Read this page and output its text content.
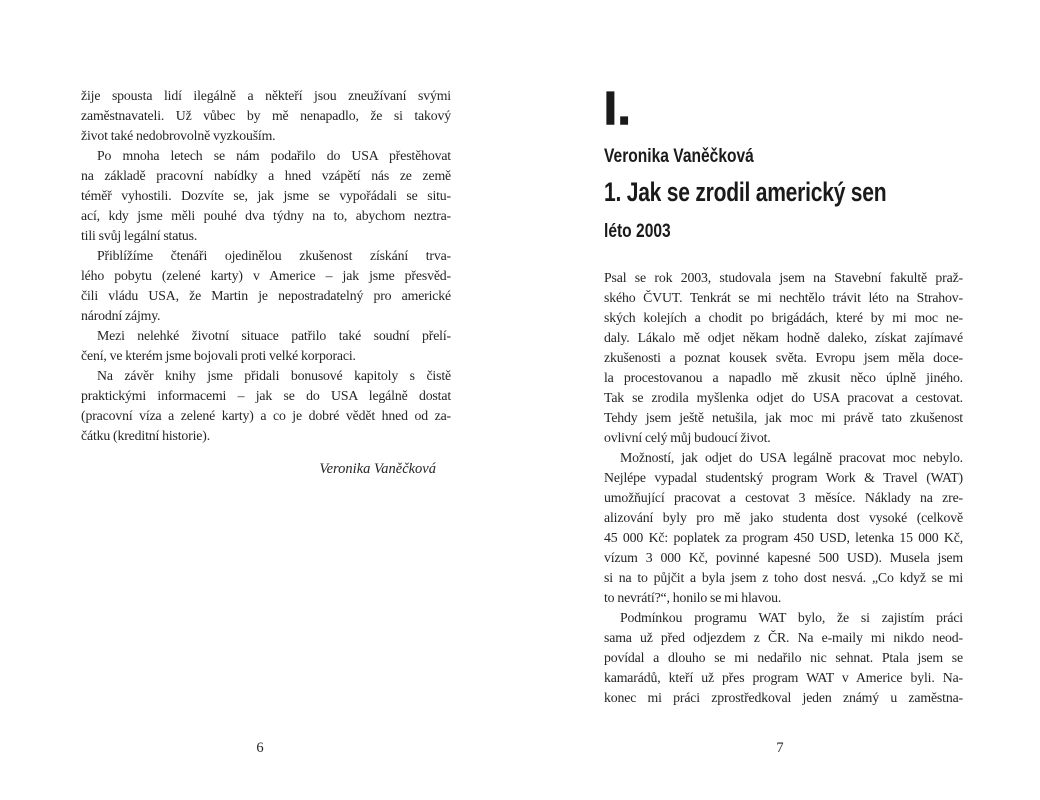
žije spousta lidí ilegálně a někteří jsou zneužívaní svými
zaměstnavateli. Už vůbec by mě nenapadlo, že si takový
život také nedobrovolně vyzkouším.
Po mnoha letech se nám podařilo do USA přestěhovat
na základě pracovní nabídky a hned vzápětí nás ze země
téměř vyhostili. Dozvíte se, jak jsme se vypořádali se situ-
ací, kdy jsme měli pouhé dva týdny na to, abychom neztra-
tili svůj legální status.
Přiblížíme čtenáři ojedinělou zkušenost získání trva-
lého pobytu (zelené karty) v Americe – jak jsme přesvěd-
čili vládu USA, že Martin je nepostradatelný pro americké
národní zájmy.
Mezi nelehké životní situace patřilo také soudní přelí-
čení, ve kterém jsme bojovali proti velké korporaci.
Na závěr knihy jsme přidali bonusové kapitoly s čistě
praktickými informacemi – jak se do USA legálně dostat
(pracovní víza a zelené karty) a co je dobré vědět hned od za-
čátku (kreditní historie).
Veronika Vaněčková
6
I.
Veronika Vaněčková
1. Jak se zrodil americký sen
léto 2003
Psal se rok 2003, studovala jsem na Stavební fakultě praž-
ského ČVUT. Tenkrát se mi nechtělo trávit léto na Strahov-
ských kolejích a chodit po brigádách, které by mi moc ne-
daly. Lákalo mě odjet někam hodně daleko, získat zajímavé
zkušenosti a poznat kousek světa. Evropu jsem měla doce-
la procestovanou a napadlo mě zkusit něco úplně jiného.
Tak se zrodila myšlenka odjet do USA pracovat a cestovat.
Tehdy jsem ještě netušila, jak moc mi právě tato zkušenost
ovlivní celý můj budoucí život.
Možností, jak odjet do USA legálně pracovat moc nebylo.
Nejlépe vypadal studentský program Work & Travel (WAT)
umožňující pracovat a cestovat 3 měsíce. Náklady na zre-
alizování byly pro mě jako studenta dost vysoké (celkově
45 000 Kč: poplatek za program 450 USD, letenka 15 000 Kč,
vízum 3 000 Kč, povinné kapesné 500 USD). Musela jsem
si na to půjčit a byla jsem z toho dost nesvá. „Co když se mi
to nevrátí?“, honilo se mi hlavou.
Podmínkou programu WAT bylo, že si zajistím práci
sama už před odjezdem z ČR. Na e-maily mi nikdo neod-
povídal a dlouho se mi nedařilo nic sehnat. Ptala jsem se
kamarádů, kteří už přes program WAT v Americe byli. Na-
konec mi práci zprostředkoval jeden známý u zaměstna-
7
